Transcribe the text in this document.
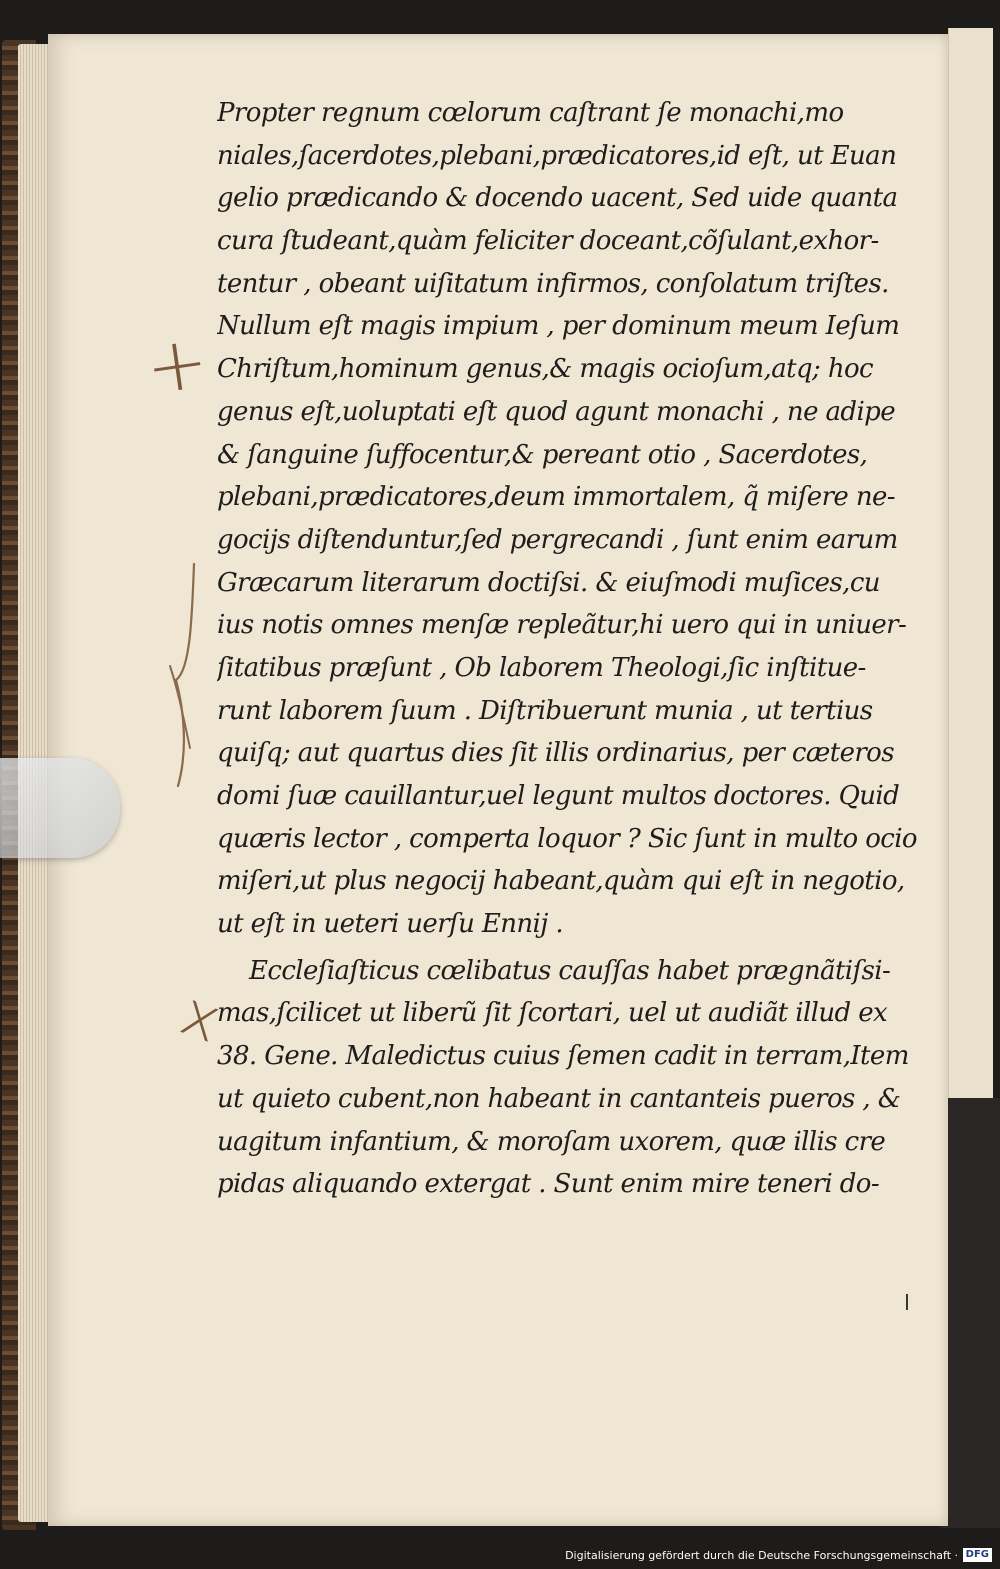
Propter regnum cœlorum caſtrant ſe monachi,mo
niales,ſacerdotes,plebani,prædicatores,id eſt, ut Euan
gelio prædicando & docendo uacent, Sed uide quanta
cura ſtudeant,quàm feliciter doceant,cõſulant,exhor-
tentur , obeant uiſitatum infirmos, conſolatum triſtes.
Nullum eſt magis impium , per dominum meum Ieſum
Chriſtum,hominum genus,& magis ocioſum,atq; hoc
genus eſt,uoluptati eſt quod agunt monachi , ne adipe
& ſanguine ſuffocentur,& pereant otio , Sacerdotes,
plebani,prædicatores,deum immortalem, q̃ miſere ne-
gocijs diſtenduntur,ſed pergrecandi , ſunt enim earum
Græcarum literarum doctiſsi. & eiuſmodi muſices,cu
ius notis omnes menſæ repleãtur,hi uero qui in uniuer-
ſitatibus præſunt , Ob laborem Theologi,ſic inſtitue-
runt laborem ſuum . Diſtribuerunt munia , ut tertius
quiſq; aut quartus dies ſit illis ordinarius, per cæteros
domi ſuæ cauillantur,uel legunt multos doctores. Quid
quæris lector , comperta loquor ? Sic ſunt in multo ocio
miſeri,ut plus negocij habeant,quàm qui eſt in negotio,
ut eſt in ueteri uerſu Ennij .
Eccleſiaſticus cœlibatus cauſſas habet prægnãtiſsi-
mas,ſcilicet ut liberũ ſit ſcortari, uel ut audiãt illud ex
38. Gene. Maledictus cuius ſemen cadit in terram,Item
ut quieto cubent,non habeant in cantanteis pueros , &
uagitum infantium, & moroſam uxorem, quæ illis cre
pidas aliquando extergat . Sunt enim mire teneri do-
+
x
Digitalisierung gefördert durch die Deutsche Forschungsgemeinschaft · DFG
